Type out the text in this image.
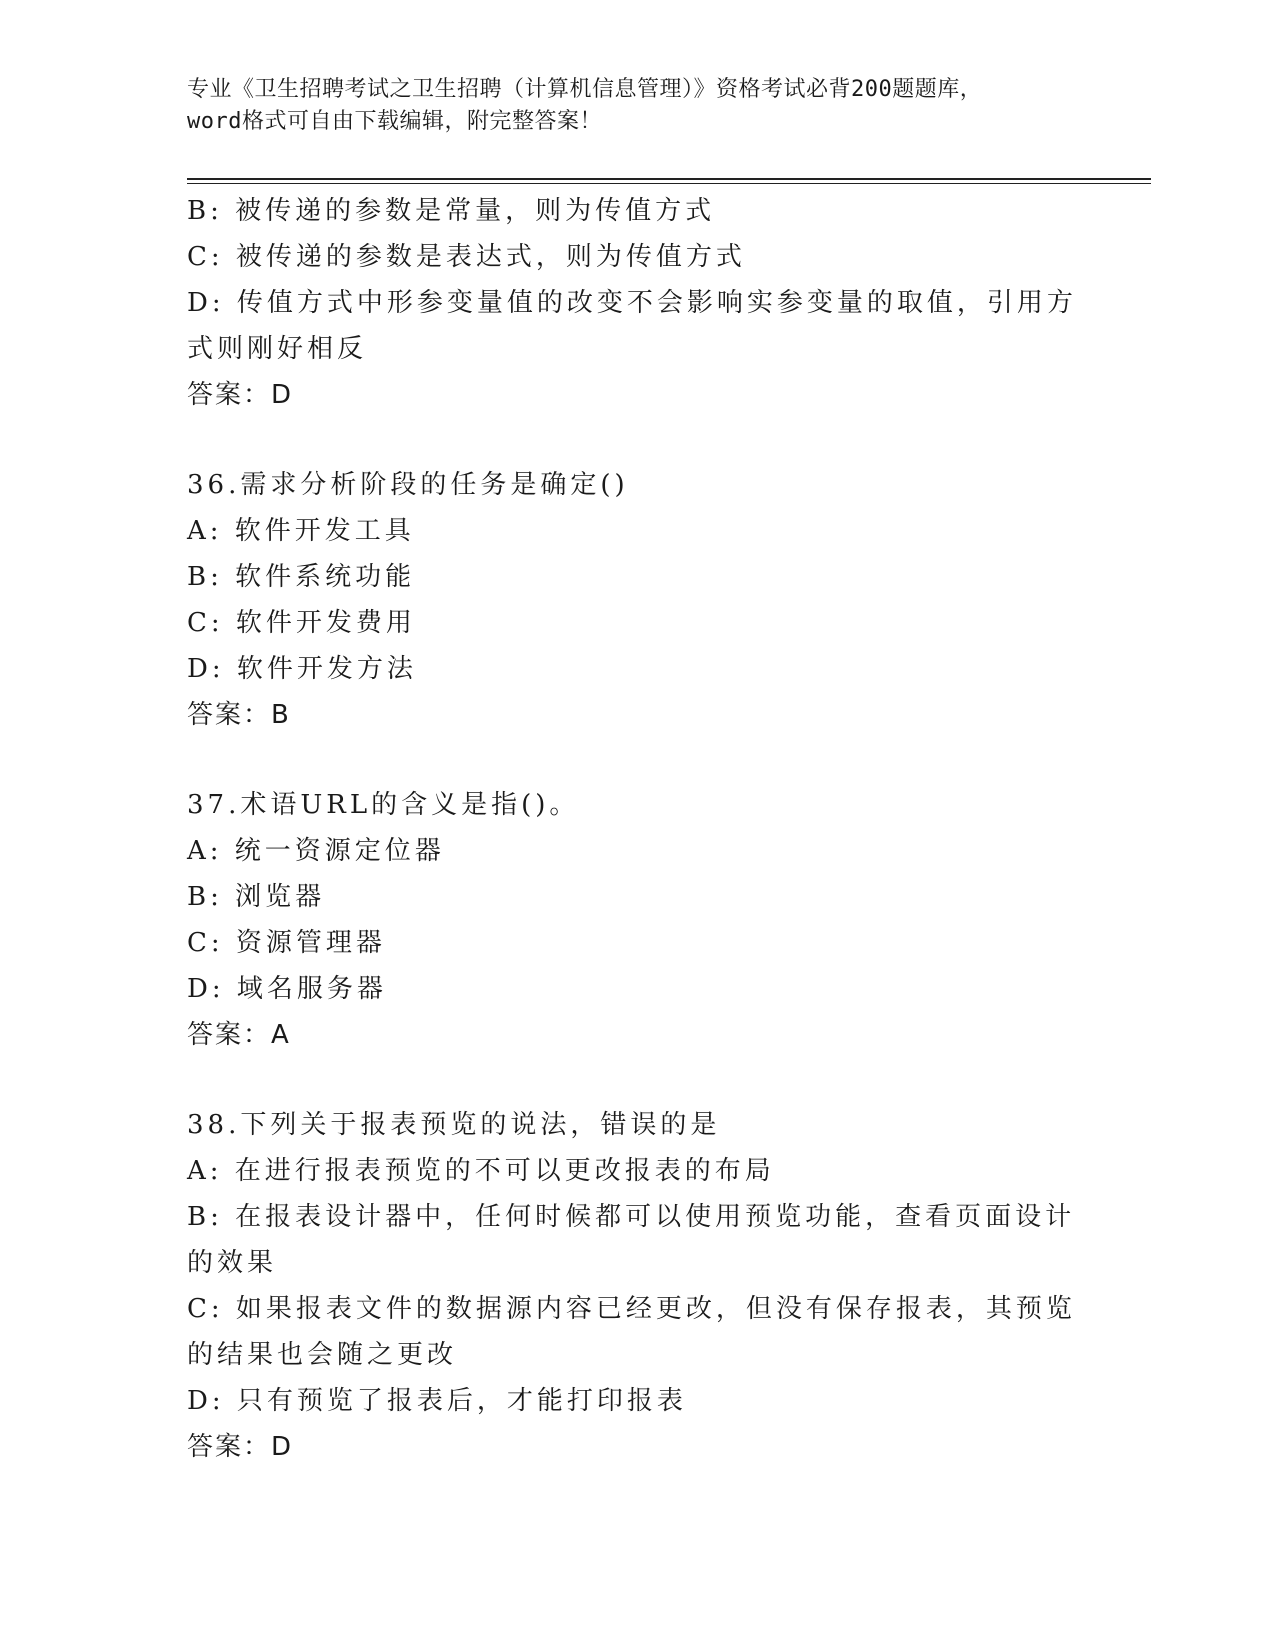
专业《卫生招聘考试之卫生招聘（计算机信息管理）》资格考试必背200题题库，
word格式可自由下载编辑，附完整答案！

B: 被传递的参数是常量，则为传值方式

C: 被传递的参数是表达式，则为传值方式

D: 传值方式中形参变量值的改变不会影响实参变量的取值，引用方式则刚好相反

答案：D

36.需求分析阶段的任务是确定()

A: 软件开发工具

B: 软件系统功能

C: 软件开发费用

D: 软件开发方法

答案：B

37.术语URL的含义是指()。

A: 统一资源定位器

B: 浏览器

C: 资源管理器

D: 域名服务器

答案：A

38.下列关于报表预览的说法，错误的是

A: 在进行报表预览的不可以更改报表的布局

B: 在报表设计器中，任何时候都可以使用预览功能，查看页面设计的效果

C: 如果报表文件的数据源内容已经更改，但没有保存报表，其预览的结果也会随之更改

D: 只有预览了报表后，才能打印报表

答案：D
